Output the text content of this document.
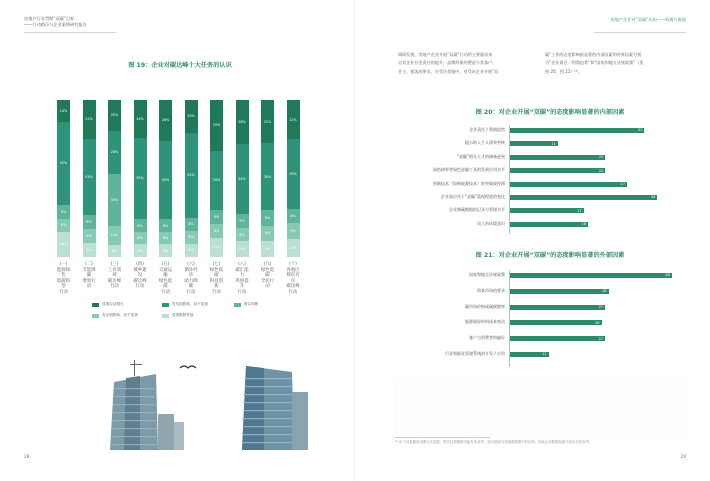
房地产行业贯彻“双碳”目标
——行动路径与企业案例研究报告
图 19：企业对碳达峰十大任务的认识
14%
52%
9%
8%
16%
(一)
能源绿色
低碳转型
行动
22%
43%
8%
8%
8%
(二)
节能降碳
增效行动
20%
28%
34%
12%
8%
(三)
工业领域
碳达峰
行动
24%
52%
8%
8%
8%
(四)
城乡建设
碳达峰
行动
26%
50%
8%
8%
8%
(五)
交通运输
绿色低碳
行动
20%
52%
8%
8%
8%
(六)
循环经济
助力降碳
行动
29%
34%
8%
8%
11%
(七)
绿色低碳
科技创新
行动
28%
44%
9%
8%
10%
(八)
碳汇能力
巩固提升
行动
22%
34%
8%
8%
8%
(九)
绿色低碳
全民行动
22%
39%
8%
9%
10%
(十)
各地区
梯次有序
碳达峰行动
显著拉动增长	有负面影响，但不显著	难以判断
有正面影响，但不显著	显著限制发展
28
房地产企业对“双碳”认知——机遇与挑战
29
调研发现，房地产企业开展“双碳”行动的主要驱动来
自其企业社会责任的提升，品牌形象的塑造与其客户、
业主、租客的要求，在受访者眼中，对受访企业开展“双
碳”工作的态度影响最显著的内部因素和外界因素分别
为“企业責任／利润趋势”和“国家和地方法规政策”（见
图 20、图 21）⁽³⁾。
图 20：对企业开展“双碳”的态度影响显著的内部因素
企业责任 / 利润趋势	31
提示纳入个人绩效考核	11
“双碳”相关人才的储备进展	22
绿色债券等绿色金融工具的发展应用水平	22
创新技术（如新能源技术）的突破或停滞	27
企业高层对于“双碳”重视程度的变化	34
企业降碳数据的记录与管理水平	17
员工的环境意识	18
图 21：对企业开展“双碳”的态度影响显著的外部因素
国家和地方法规政策	46
资本市场的要求	28
碳市场价格或碳税税率	27
能源或原材料成本变动	26
客户与消费者的偏好	27
行业智能化管理系统的开发 / 应用	11
⁽³⁾ 由于问卷题项设置为多选题，相关趋势数据可能有所差异，部分数值为受调查数据中的比例，因此企业数据及相关结论仅供参考。
